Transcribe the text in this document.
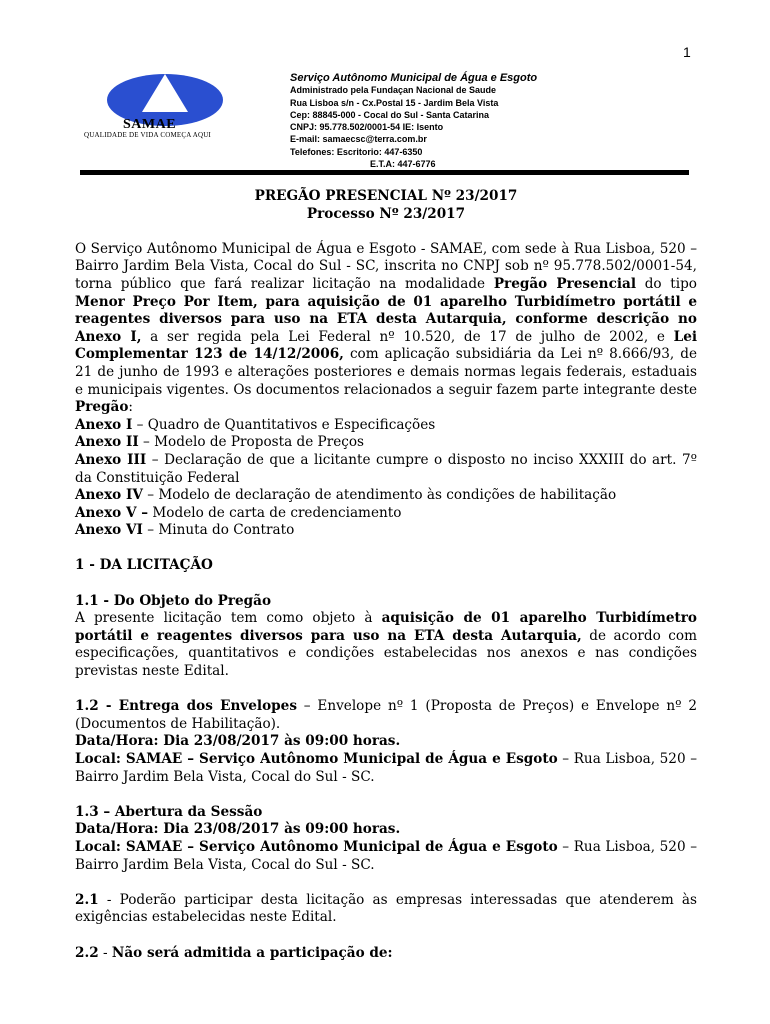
1
SAMAE
QUALIDADE DE VIDA COMEÇA AQUI
Serviço Autônomo Municipal de Água e Esgoto
Administrado pela Fundaçan Nacional de Saude
Rua Lisboa s/n - Cx.Postal 15 - Jardim Bela Vista
Cep: 88845-000 - Cocal do Sul - Santa Catarina
CNPJ: 95.778.502/0001-54 IE: Isento
E-mail: samaecsc@terra.com.br
Telefones: Escritorio: 447-6350
E.T.A: 447-6776

PREGÃO PRESENCIAL Nº 23/2017

Processo Nº 23/2017

O Serviço Autônomo Municipal de Água e Esgoto - SAMAE, com sede à Rua Lisboa, 520 – Bairro Jardim Bela Vista, Cocal do Sul - SC, inscrita no CNPJ sob nº 95.778.502/0001-54, torna público que fará realizar licitação na modalidade Pregão Presencial do tipo Menor Preço Por Item, para aquisição de 01 aparelho Turbidímetro portátil e reagentes diversos para uso na ETA desta Autarquia, conforme descrição no Anexo I, a ser regida pela Lei Federal nº 10.520, de 17 de julho de 2002, e Lei Complementar 123 de 14/12/2006, com aplicação subsidiária da Lei nº 8.666/93, de 21 de junho de 1993 e alterações posteriores e demais normas legais federais, estaduais e municipais vigentes. Os documentos relacionados a seguir fazem parte integrante deste Pregão:

Anexo I – Quadro de Quantitativos e Especificações

Anexo II – Modelo de Proposta de Preços

Anexo III – Declaração de que a licitante cumpre o disposto no inciso XXXIII do art. 7º da Constituição Federal

Anexo IV – Modelo de declaração de atendimento às condições de habilitação

Anexo V – Modelo de carta de credenciamento

Anexo VI – Minuta do Contrato

1 - DA LICITAÇÃO

1.1 - Do Objeto do Pregão

A presente licitação tem como objeto à aquisição de 01 aparelho Turbidímetro portátil e reagentes diversos para uso na ETA desta Autarquia, de acordo com especificações, quantitativos e condições estabelecidas nos anexos e nas condições previstas neste Edital.

1.2 - Entrega dos Envelopes – Envelope nº 1 (Proposta de Preços) e Envelope nº 2 (Documentos de Habilitação).

Data/Hora: Dia 23/08/2017 às 09:00 horas.

Local: SAMAE – Serviço Autônomo Municipal de Água e Esgoto – Rua Lisboa, 520 – Bairro Jardim Bela Vista, Cocal do Sul - SC.

1.3 – Abertura da Sessão

Data/Hora: Dia 23/08/2017 às 09:00 horas.

Local: SAMAE – Serviço Autônomo Municipal de Água e Esgoto – Rua Lisboa, 520 – Bairro Jardim Bela Vista, Cocal do Sul - SC.

2.1 - Poderão participar desta licitação as empresas interessadas que atenderem às exigências estabelecidas neste Edital.

2.2 - Não será admitida a participação de:
